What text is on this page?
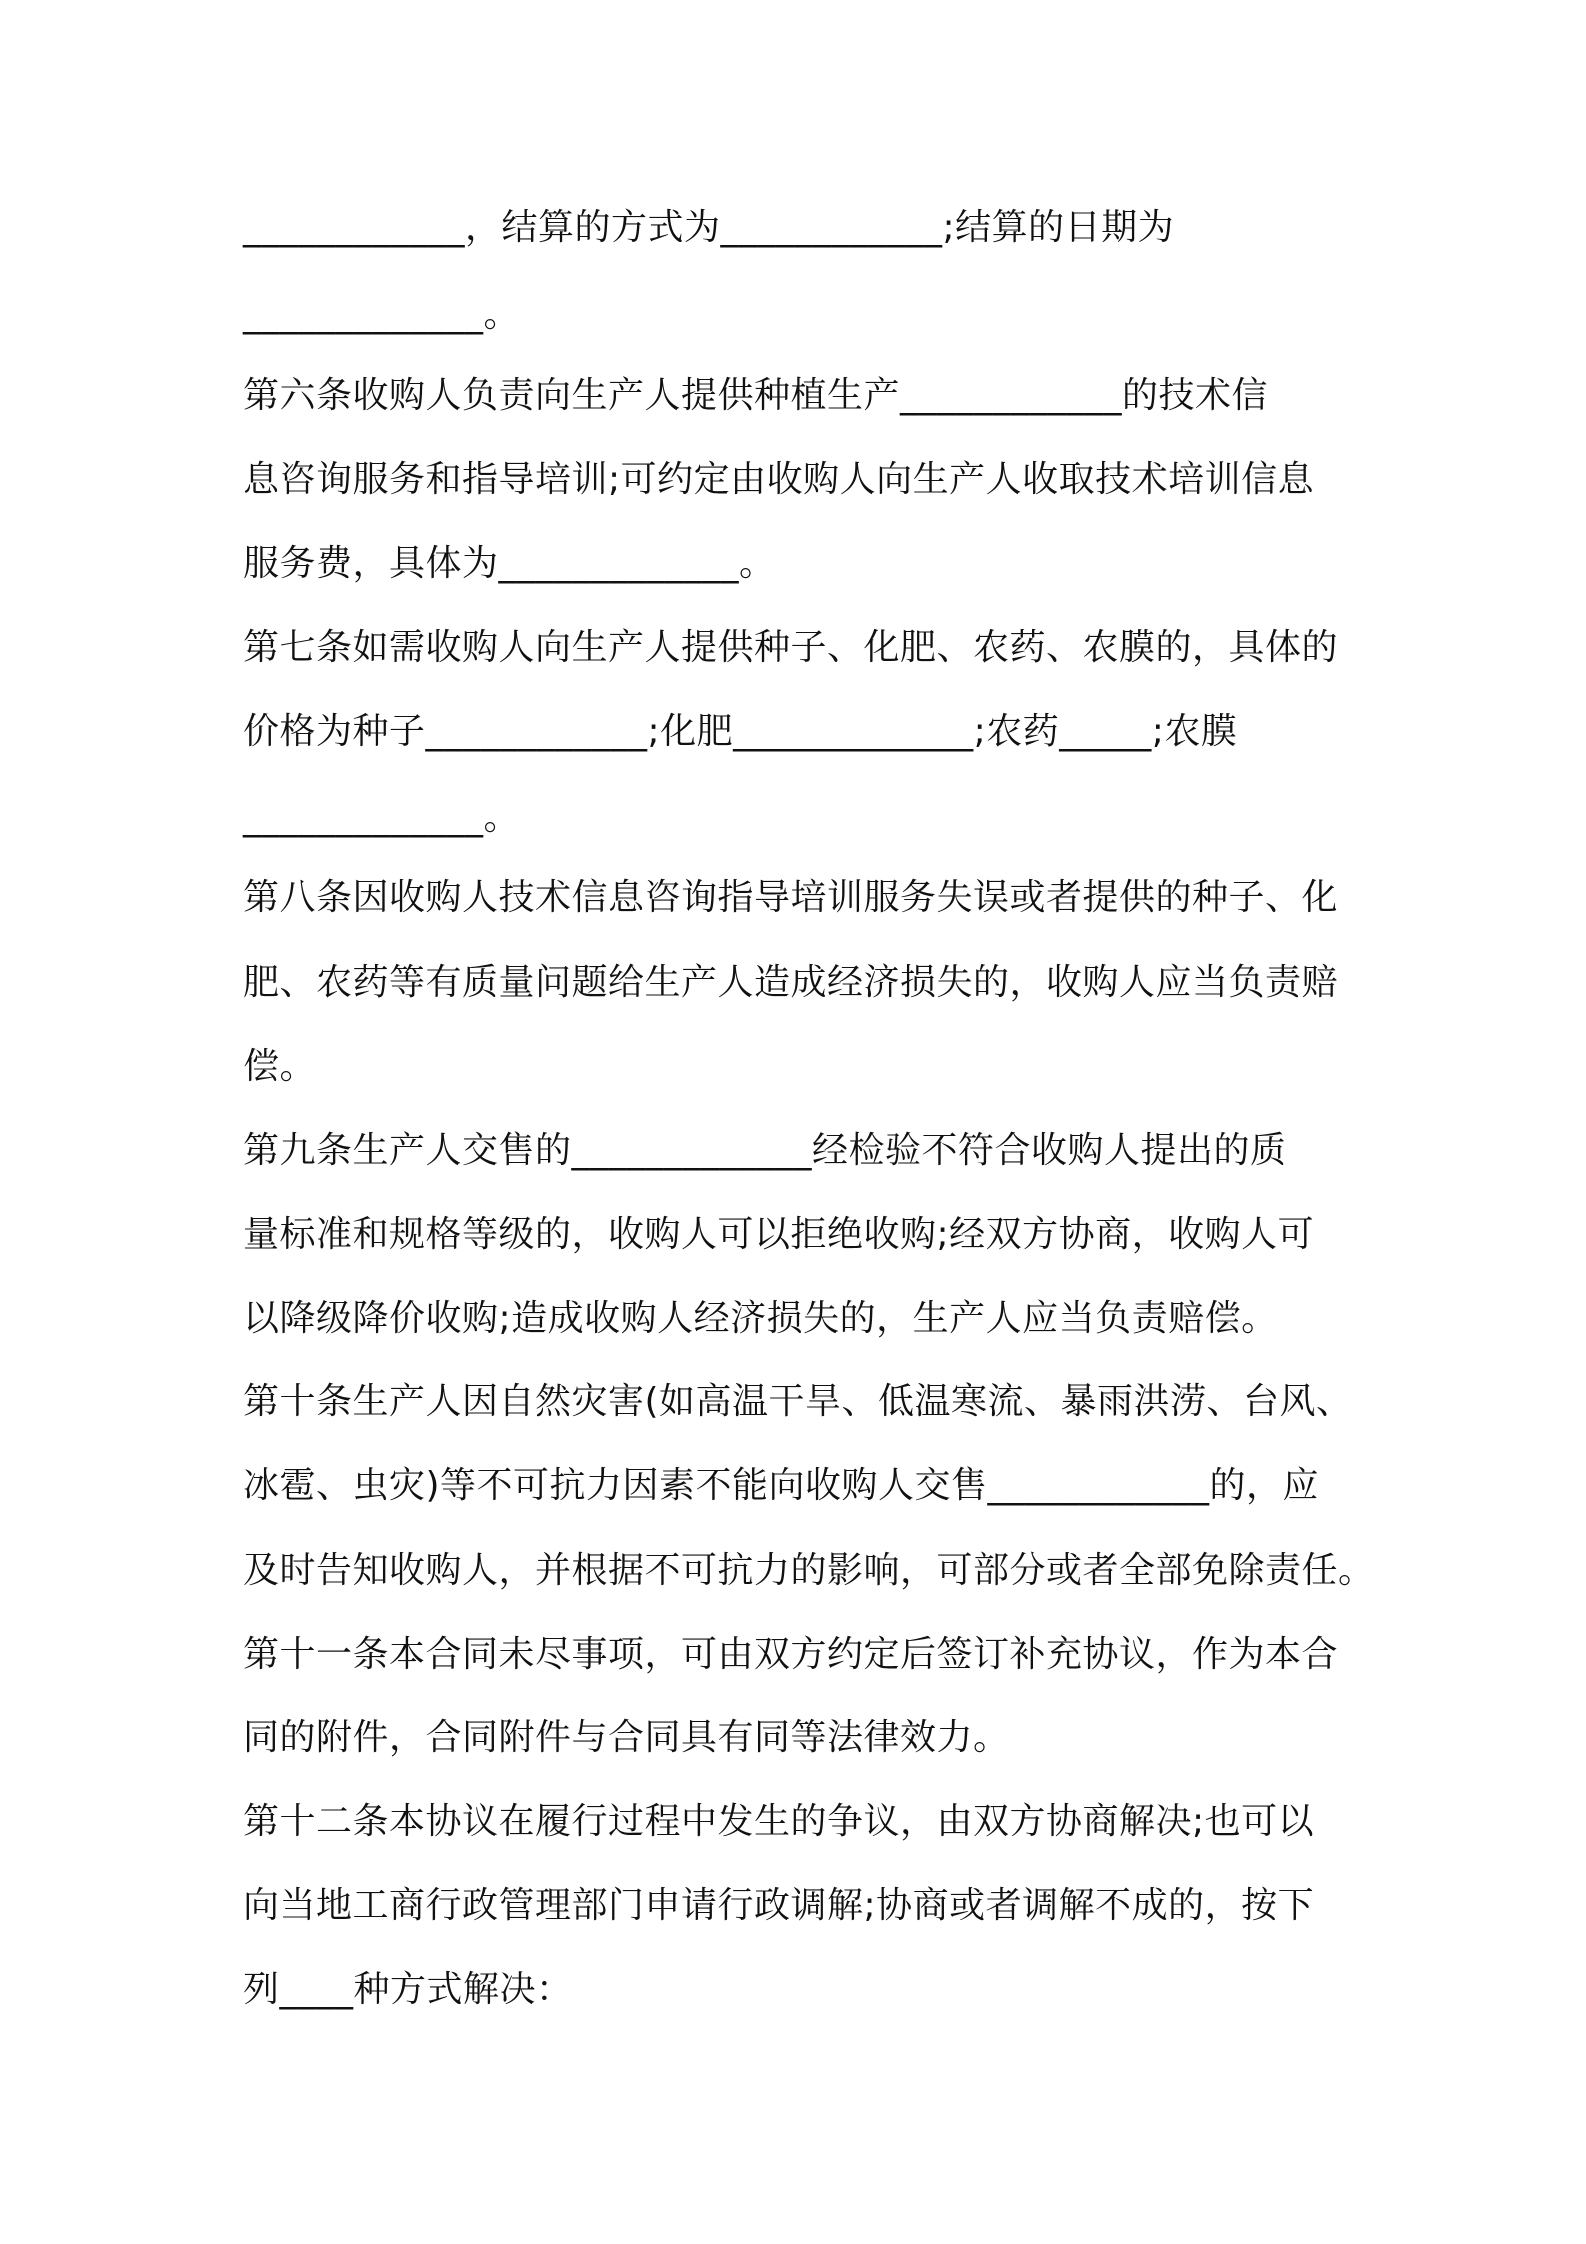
____________，结算的方式为____________;结算的日期为
_____________。
第六条收购人负责向生产人提供种植生产____________的技术信
息咨询服务和指导培训;可约定由收购人向生产人收取技术培训信息
服务费，具体为_____________。
第七条如需收购人向生产人提供种子、化肥、农药、农膜的，具体的
价格为种子____________;化肥_____________;农药_____;农膜
_____________。
第八条因收购人技术信息咨询指导培训服务失误或者提供的种子、化
肥、农药等有质量问题给生产人造成经济损失的，收购人应当负责赔
偿。
第九条生产人交售的_____________经检验不符合收购人提出的质
量标准和规格等级的，收购人可以拒绝收购;经双方协商，收购人可
以降级降价收购;造成收购人经济损失的，生产人应当负责赔偿。
第十条生产人因自然灾害(如高温干旱、低温寒流、暴雨洪涝、台风、
冰雹、虫灾)等不可抗力因素不能向收购人交售____________的，应
及时告知收购人，并根据不可抗力的影响，可部分或者全部免除责任。
第十一条本合同未尽事项，可由双方约定后签订补充协议，作为本合
同的附件，合同附件与合同具有同等法律效力。
第十二条本协议在履行过程中发生的争议，由双方协商解决;也可以
向当地工商行政管理部门申请行政调解;协商或者调解不成的，按下
列____种方式解决：
